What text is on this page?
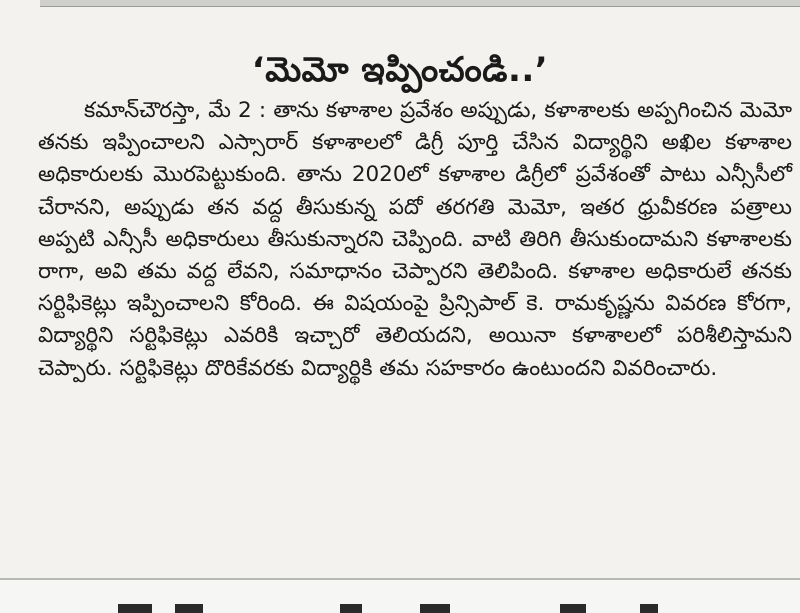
‘మెమో ఇప్పించండి..’

కమాన్‌చౌరస్తా, మే 2 : తాను కళాశాల ప్రవేశం అప్పుడు, కళాశాలకు అప్పగించిన మెమో తనకు ఇప్పించాలని ఎస్సారార్ కళాశాలలో డిగ్రీ పూర్తి చేసిన విద్యార్థిని అఖిల కళాశాల అధికారులకు మొరపెట్టుకుంది. తాను 2020లో కళాశాల డిగ్రీలో ప్రవేశంతో పాటు ఎన్సీసీలో చేరానని, అప్పుడు తన వద్ద తీసుకున్న పదో తరగతి మెమో, ఇతర ధ్రువీకరణ పత్రాలు అప్పటి ఎన్సీసీ అధికారులు తీసుకున్నారని చెప్పింది. వాటి తిరిగి తీసుకుందామని కళాశాలకు రాగా, అవి తమ వద్ద లేవని, సమాధానం చెప్పారని తెలిపింది. కళాశాల అధికారులే తనకు సర్టిఫికెట్లు ఇప్పించాలని కోరింది. ఈ విషయంపై ప్రిన్సిపాల్ కె. రామకృష్ణను వివరణ కోరగా, విద్యార్థిని సర్టిఫికెట్లు ఎవరికి ఇచ్చారో తెలియదని, అయినా కళాశాలలో పరిశీలిస్తామని చెప్పారు. సర్టిఫికెట్లు దొరికేవరకు విద్యార్థికి తమ సహకారం ఉంటుందని వివరించారు.
